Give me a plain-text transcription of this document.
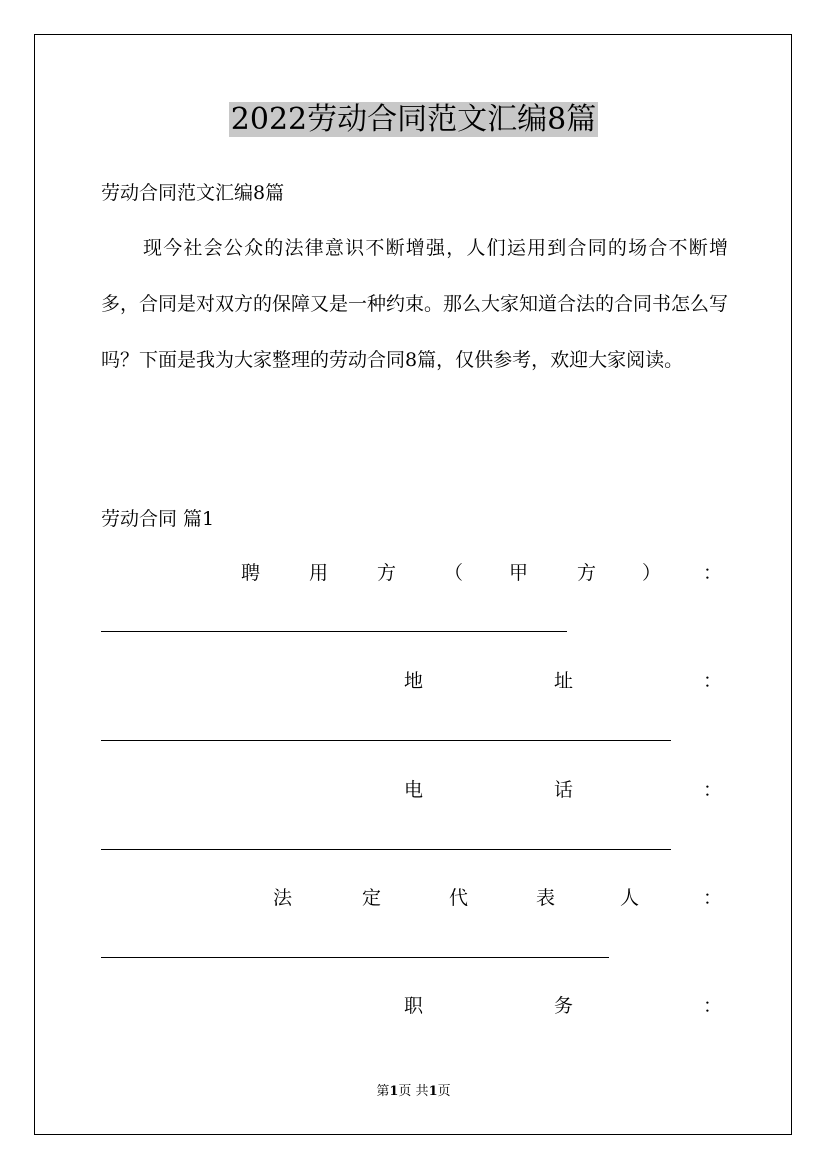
2022劳动合同范文汇编8篇
劳动合同范文汇编8篇

现今社会公众的法律意识不断增强，人们运用到合同的场合不断增多，合同是对双方的保障又是一种约束。那么大家知道合法的合同书怎么写吗？下面是我为大家整理的劳动合同8篇，仅供参考，欢迎大家阅读。

劳动合同 篇1
聘	用	方	（ 甲	方 ） ：
地	址	：
电	话	：
法	定	代	表	人	：
职	务	：
第1页 共1页
